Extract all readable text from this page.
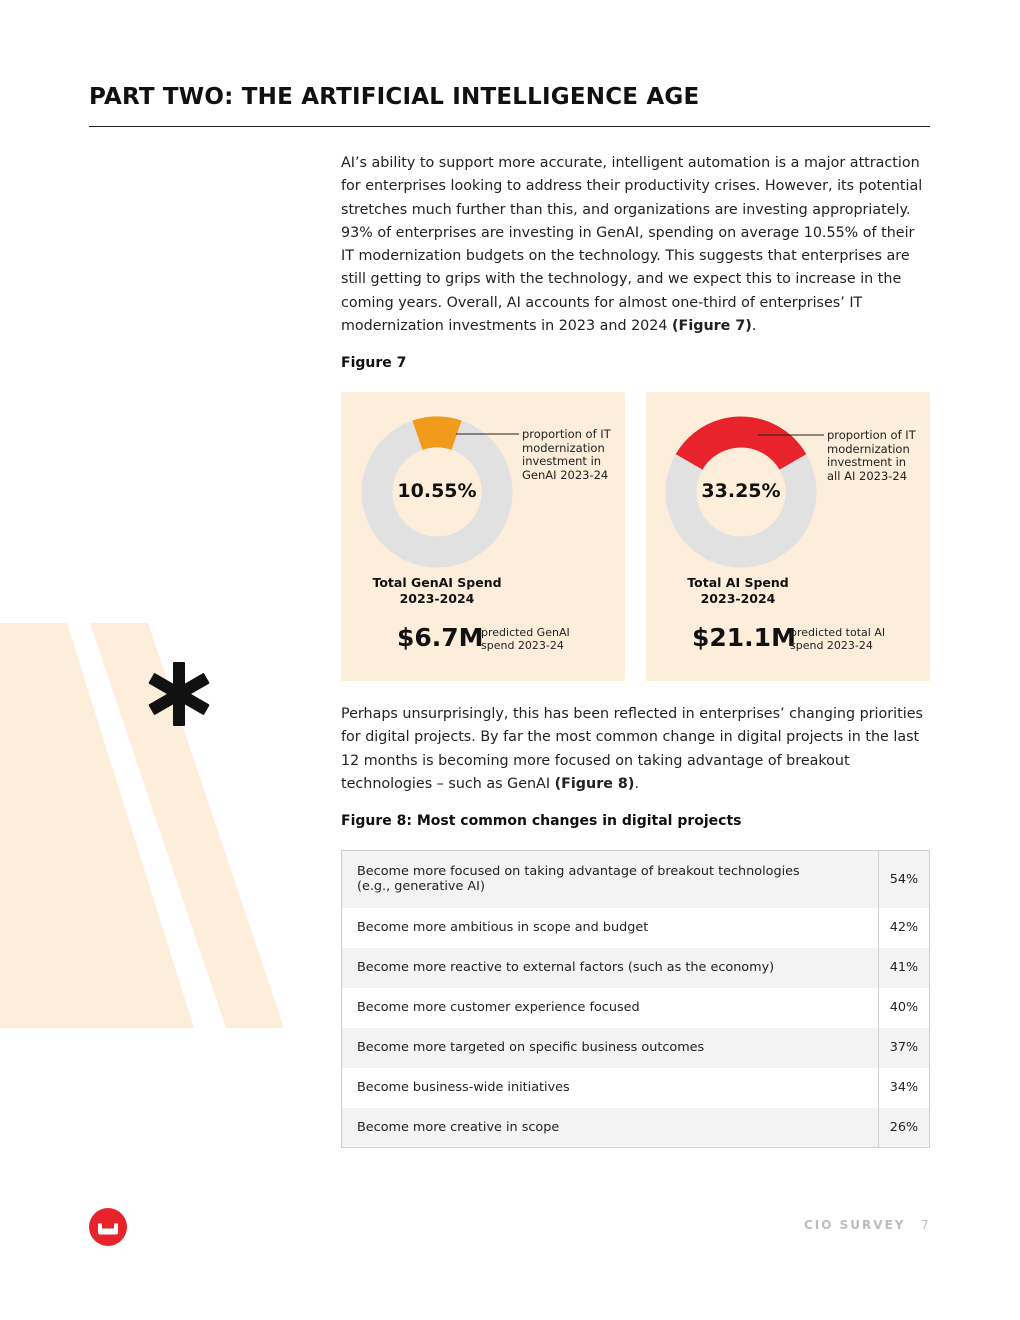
PART TWO: THE ARTIFICIAL INTELLIGENCE AGE

AI’s ability to support more accurate, intelligent automation is a major attraction for enterprises looking to address their productivity crises. However, its potential stretches much further than this, and organizations are investing appropriately. 93% of enterprises are investing in GenAI, spending on average 10.55% of their IT modernization budgets on the technology. This suggests that enterprises are still getting to grips with the technology, and we expect this to increase in the coming years. Overall, AI accounts for almost one-third of enterprises’ IT modernization investments in 2023 and 2024 (Figure 7).

Figure 7

10.55%
proportion of IT
modernization
investment in
GenAI 2023-24
Total GenAI Spend
2023-2024
$6.7M
predicted GenAI
spend 2023-24
33.25%
proportion of IT
modernization
investment in
all AI 2023-24
Total AI Spend
2023-2024
$21.1M
predicted total AI
spend 2023-24

Perhaps unsurprisingly, this has been reflected in enterprises’ changing priorities for digital projects. By far the most common change in digital projects in the last 12 months is becoming more focused on taking advantage of breakout technologies – such as GenAI (Figure 8).

Figure 8: Most common changes in digital projects

Become more focused on taking advantage of breakout technologies
(e.g., generative AI)	54%
Become more ambitious in scope and budget	42%
Become more reactive to external factors (such as the economy)	41%
Become more customer experience focused	40%
Become more targeted on specific business outcomes	37%
Become business-wide initiatives	34%
Become more creative in scope	26%
CIO SURVEY 7
